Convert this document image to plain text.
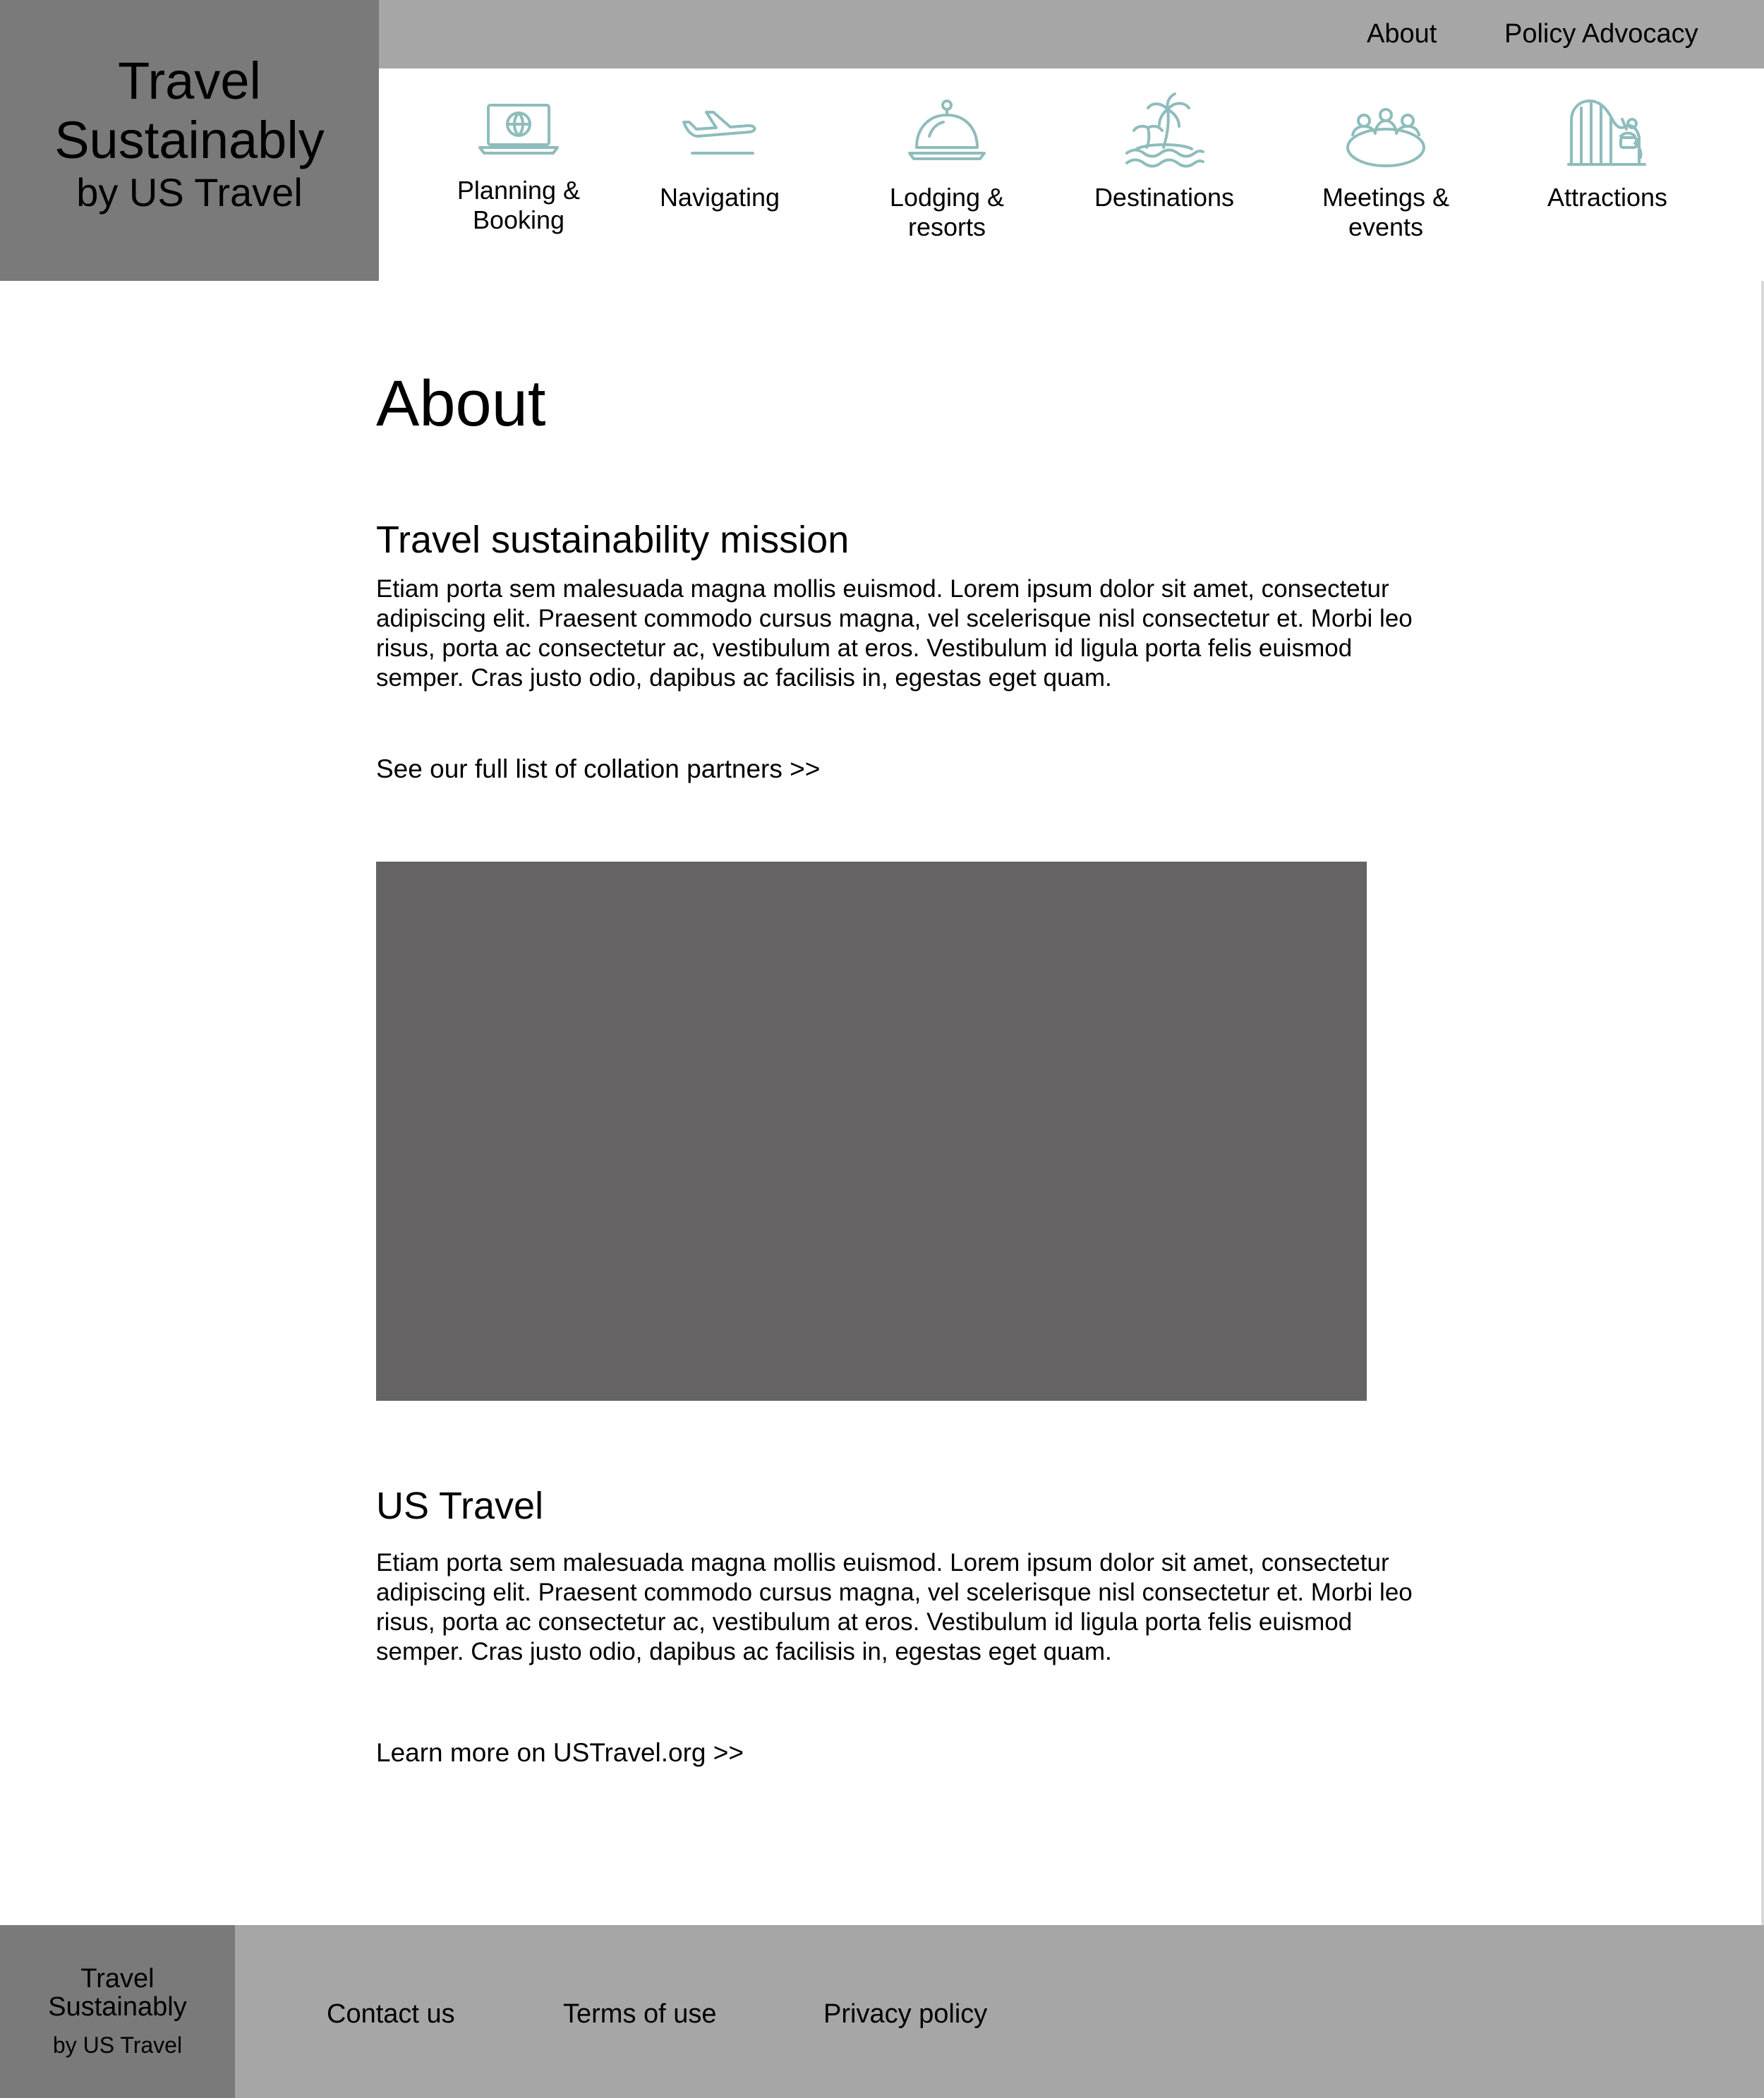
Travel
Sustainably
by US Travel
About	Policy Advocacy
Planning &
Booking
Navigating	Lodging &
resorts
Destinations	Meetings &
events
Attractions
About
Travel sustainability mission

Etiam porta sem malesuada magna mollis euismod. Lorem ipsum dolor sit amet, consectetur adipiscing elit. Praesent commodo cursus magna, vel scelerisque nisl consectetur et. Morbi leo risus, porta ac consectetur ac, vestibulum at eros. Vestibulum id ligula porta felis euismod semper. Cras justo odio, dapibus ac facilisis in, egestas eget quam.

See our full list of collation partners >>
US Travel

Etiam porta sem malesuada magna mollis euismod. Lorem ipsum dolor sit amet, consectetur adipiscing elit. Praesent commodo cursus magna, vel scelerisque nisl consectetur et. Morbi leo risus, porta ac consectetur ac, vestibulum at eros. Vestibulum id ligula porta felis euismod semper. Cras justo odio, dapibus ac facilisis in, egestas eget quam.

Learn more on USTravel.org >>
Travel
Sustainably
by US Travel
Contact us	Terms of use	Privacy policy
